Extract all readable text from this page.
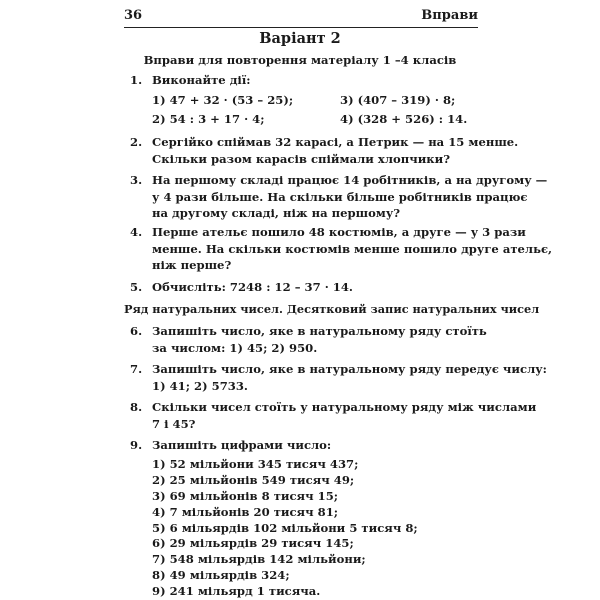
36	Вправи
Варіант 2
Вправи для повторення матеріалу 1 –4 класів
1. Виконайте дії:
1) 47 + 32 · (53 – 25);	3) (407 – 319) · 8;
2) 54 : 3 + 17 · 4;	4) (328 + 526) : 14.
2. Сергійко спіймав 32 карасі, а Петрик — на 15 менше.
Скільки разом карасів спіймали хлопчики?
3. На першому складі працює 14 робітників, а на другому —
у 4 рази більше. На скільки більше робітників працює
на другому складі, ніж на першому?
4. Перше ательє пошило 48 костюмів, а друге — у 3 рази
менше. На скільки костюмів менше пошило друге ательє,
ніж перше?
5. Обчисліть: 7248 : 12 – 37 · 14.
Ряд натуральних чисел. Десятковий запис натуральних чисел
6. Запишіть число, яке в натуральному ряду стоїть
за числом: 1) 45; 2) 950.
7. Запишіть число, яке в натуральному ряду передує числу:
1) 41; 2) 5733.
8. Скільки чисел стоїть у натуральному ряду між числами
7 і 45?
9. Запишіть цифрами число:
1) 52 мільйони 345 тисяч 437;
2) 25 мільйонів 549 тисяч 49;
3) 69 мільйонів 8 тисяч 15;
4) 7 мільйонів 20 тисяч 81;
5) 6 мільярдів 102 мільйони 5 тисяч 8;
6) 29 мільярдів 29 тисяч 145;
7) 548 мільярдів 142 мільйони;
8) 49 мільярдів 324;
9) 241 мільярд 1 тисяча.
